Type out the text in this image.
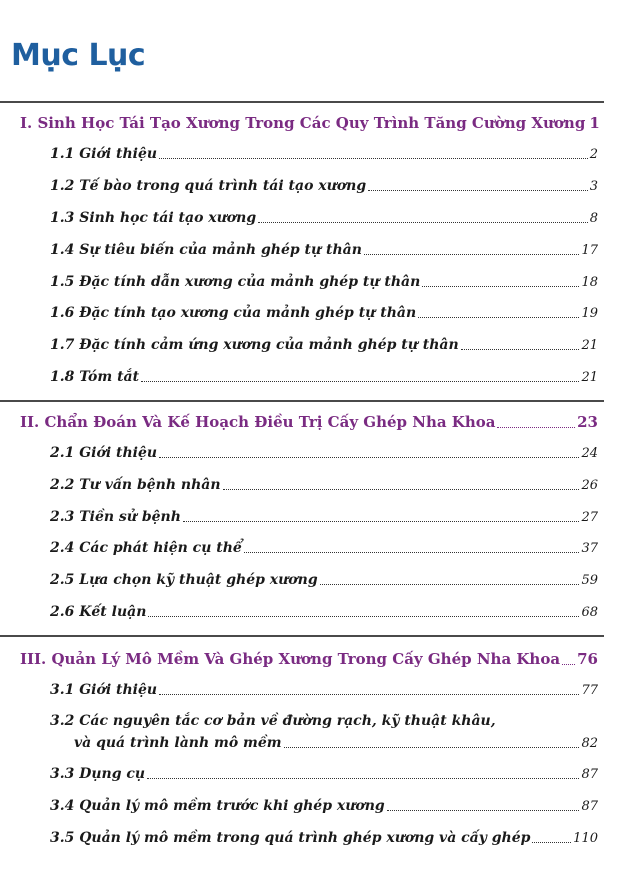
Mục Lục
I. Sinh Học Tái Tạo Xương Trong Các Quy Trình Tăng Cường Xương 1
1.1 Giới thiệu	2
1.2 Tế bào trong quá trình tái tạo xương	3
1.3 Sinh học tái tạo xương	8
1.4 Sự tiêu biến của mảnh ghép tự thân	17
1.5 Đặc tính dẫn xương của mảnh ghép tự thân	18
1.6 Đặc tính tạo xương của mảnh ghép tự thân	19
1.7 Đặc tính cảm ứng xương của mảnh ghép tự thân	21
1.8 Tóm tắt	21
II. Chẩn Đoán Và Kế Hoạch Điều Trị Cấy Ghép Nha Khoa	23
2.1 Giới thiệu	24
2.2 Tư vấn bệnh nhân	26
2.3 Tiền sử bệnh	27
2.4 Các phát hiện cụ thể	37
2.5 Lựa chọn kỹ thuật ghép xương	59
2.6 Kết luận	68
III. Quản Lý Mô Mềm Và Ghép Xương Trong Cấy Ghép Nha Khoa 76
3.1 Giới thiệu	77
3.2 Các nguyên tắc cơ bản về đường rạch, kỹ thuật khâu,
và quá trình lành mô mềm	82
3.3 Dụng cụ	87
3.4 Quản lý mô mềm trước khi ghép xương	87
3.5 Quản lý mô mềm trong quá trình ghép xương và cấy ghép	110
